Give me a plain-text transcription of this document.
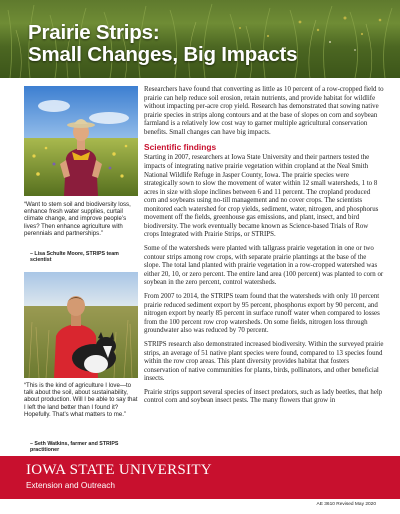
Prairie Strips:
Small Changes, Big Impacts
“Want to stem soil and biodiversity loss, enhance fresh water supplies, curtail climate change, and improve people’s lives? Then enhance agriculture with perennials and partnerships.”
– Lisa Schulte Moore, STRIPS team scientist
“This is the kind of agriculture I love—to talk about the soil, about sustainability, about production. Will I be able to say that I left the land better than I found it? Hopefully. That’s what matters to me.”
– Seth Watkins, farmer and STRIPS practitioner

Researchers have found that converting as little as 10 percent of a row-cropped field to prairie can help reduce soil erosion, retain nutrients, and provide habitat for wildlife without impacting per-acre crop yield. Research has demonstrated that sowing native prairie species in strips along contours and at the base of slopes on corn and soybean farmland is a relatively low cost way to garner multiple agricultural conservation benefits. Small changes can have big impacts.

Scientific findings

Starting in 2007, researchers at Iowa State University and their partners tested the impacts of integrating native prairie vegetation within cropland at the Neal Smith National Wildlife Refuge in Jasper County, Iowa. The prairie species were strategically sown to slow the movement of water within 12 small watersheds, 1 to 8 acres in size with slope inclines between 6 and 11 percent. The cropland produced corn and soybeans using no-till management and no cover crops. The scientists monitored each watershed for crop yields, sediment, water, nitrogen, and phosphorus movement off the fields, greenhouse gas emissions, and plant, insect, and bird biodiversity. The work eventually became known as Science-based Trials of Row crops Integrated with Prairie Strips, or STRIPS.

Some of the watersheds were planted with tallgrass prairie vegetation in one or two contour strips among row crops, with separate prairie plantings at the base of the slope. The total land planted with prairie vegetation in a row-cropped watershed was either 20, 10, or zero percent. The entire land area (100 percent) was planted to corn or soybean in the zero percent, control watersheds.

From 2007 to 2014, the STRIPS team found that the watersheds with only 10 percent prairie reduced sediment export by 95 percent, phosphorus export by 90 percent, and nitrogen export by nearly 85 percent in surface runoff water when compared to losses from the 100 percent row crop watersheds. On some fields, nitrogen loss through groundwater also was reduced by 70 percent.

STRIPS research also demonstrated increased biodiversity. Within the surveyed prairie strips, an average of 51 native plant species were found, compared to 13 species found within the row crop areas. This plant diversity provides habitat that fosters conservation of native communities for plants, birds, pollinators, and other beneficial insects.

Prairie strips support several species of insect predators, such as lady beetles, that help control corn and soybean insect pests. The many flowers that grow in

IOWA STATE UNIVERSITY
Extension and Outreach
AE 3610 Revised May 2020
